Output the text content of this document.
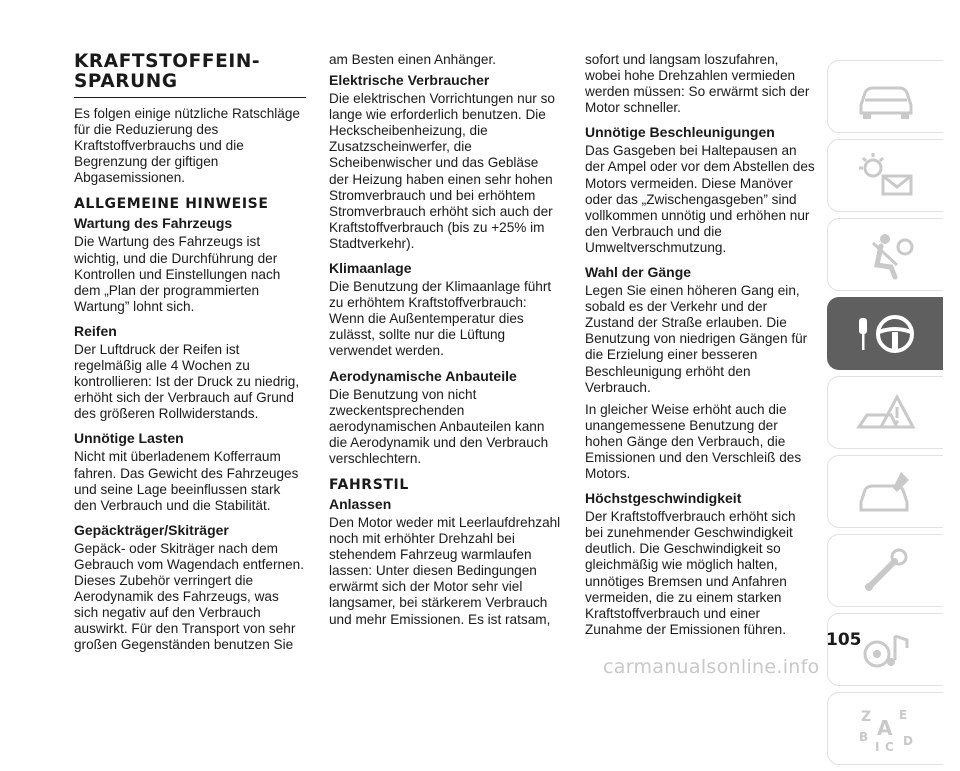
KRAFTSTOFFEIN-SPARUNG

Es folgen einige nützliche Ratschläge für die Reduzierung des Kraftstoffverbrauchs und die Begrenzung der giftigen Abgasemissionen.

ALLGEMEINE HINWEISE
Wartung des Fahrzeugs

Die Wartung des Fahrzeugs ist wichtig, und die Durchführung der Kontrollen und Einstellungen nach dem „Plan der programmierten Wartung” lohnt sich.

Reifen

Der Luftdruck der Reifen ist regelmäßig alle 4 Wochen zu kontrollieren: Ist der Druck zu niedrig, erhöht sich der Verbrauch auf Grund des größeren Rollwiderstands.

Unnötige Lasten

Nicht mit überladenem Kofferraum fahren. Das Gewicht des Fahrzeuges und seine Lage beeinflussen stark den Verbrauch und die Stabilität.

Gepäckträger/Skiträger

Gepäck- oder Skiträger nach dem Gebrauch vom Wagendach entfernen. Dieses Zubehör verringert die Aerodynamik des Fahrzeugs, was sich negativ auf den Verbrauch auswirkt. Für den Transport von sehr großen Gegenständen benutzen Sie

am Besten einen Anhänger.

Elektrische Verbraucher

Die elektrischen Vorrichtungen nur so lange wie erforderlich benutzen. Die Heckscheibenheizung, die Zusatzscheinwerfer, die Scheibenwischer und das Gebläse der Heizung haben einen sehr hohen Stromverbrauch und bei erhöhtem Stromverbrauch erhöht sich auch der Kraftstoffverbrauch (bis zu +25% im Stadtverkehr).

Klimaanlage

Die Benutzung der Klimaanlage führt zu erhöhtem Kraftstoffverbrauch: Wenn die Außentemperatur dies zulässt, sollte nur die Lüftung verwendet werden.

Aerodynamische Anbauteile

Die Benutzung von nicht zweckentsprechenden aerodynamischen Anbauteilen kann die Aerodynamik und den Verbrauch verschlechtern.

FAHRSTIL
Anlassen

Den Motor weder mit Leerlaufdrehzahl noch mit erhöhter Drehzahl bei stehendem Fahrzeug warmlaufen lassen: Unter diesen Bedingungen erwärmt sich der Motor sehr viel langsamer, bei stärkerem Verbrauch und mehr Emissionen. Es ist ratsam,

sofort und langsam loszufahren, wobei hohe Drehzahlen vermieden werden müssen: So erwärmt sich der Motor schneller.

Unnötige Beschleunigungen

Das Gasgeben bei Haltepausen an der Ampel oder vor dem Abstellen des Motors vermeiden. Diese Manöver oder das „Zwischengasgeben” sind vollkommen unnötig und erhöhen nur den Verbrauch und die Umweltverschmutzung.

Wahl der Gänge

Legen Sie einen höheren Gang ein, sobald es der Verkehr und der Zustand der Straße erlauben. Die Benutzung von niedrigen Gängen für die Erzielung einer besseren Beschleunigung erhöht den Verbrauch.

In gleicher Weise erhöht auch die unangemessene Benutzung der hohen Gänge den Verbrauch, die Emissionen und den Verschleiß des Motors.

Höchstgeschwindigkeit

Der Kraftstoffverbrauch erhöht sich bei zunehmender Geschwindigkeit deutlich. Die Geschwindigkeit so gleichmäßig wie möglich halten, unnötiges Bremsen und Anfahren vermeiden, die zu einem starken Kraftstoffverbrauch und einer Zunahme der Emissionen führen.

Z E
A
B
I C D
105
carmanualsonline.info
